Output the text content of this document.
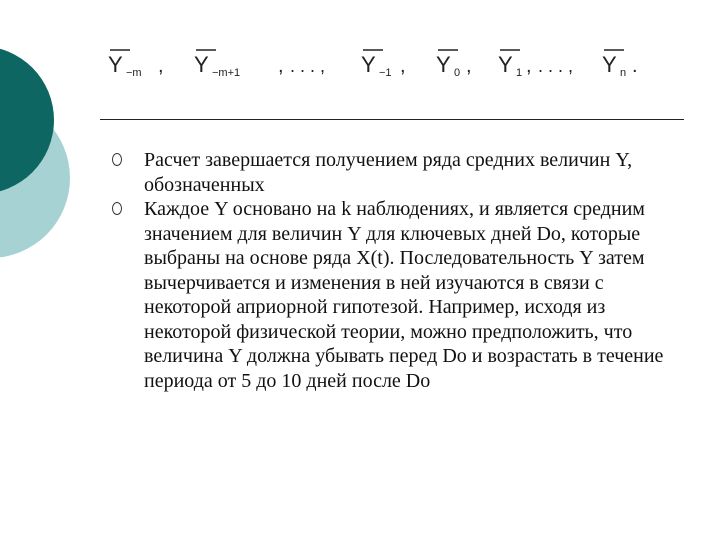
Y −m , Y −m+1 , . . . , Y −1 , Y 0 , Y 1 , . . . , Y n .
Расчет завершается получением ряда средних величин Y, обозначенных
Каждое Y основано на k наблюдениях, и является средним значением для величин Y для ключевых дней Do, которые выбраны на основе ряда X(t). Последовательность Y затем вычерчивается и изменения в ней изучаются в связи с некоторой априорной гипотезой. Например, исходя из некоторой физической теории, можно предположить, что величина Y должна убывать перед Do и возрастать в течение периода от 5 до 10 дней после Do
